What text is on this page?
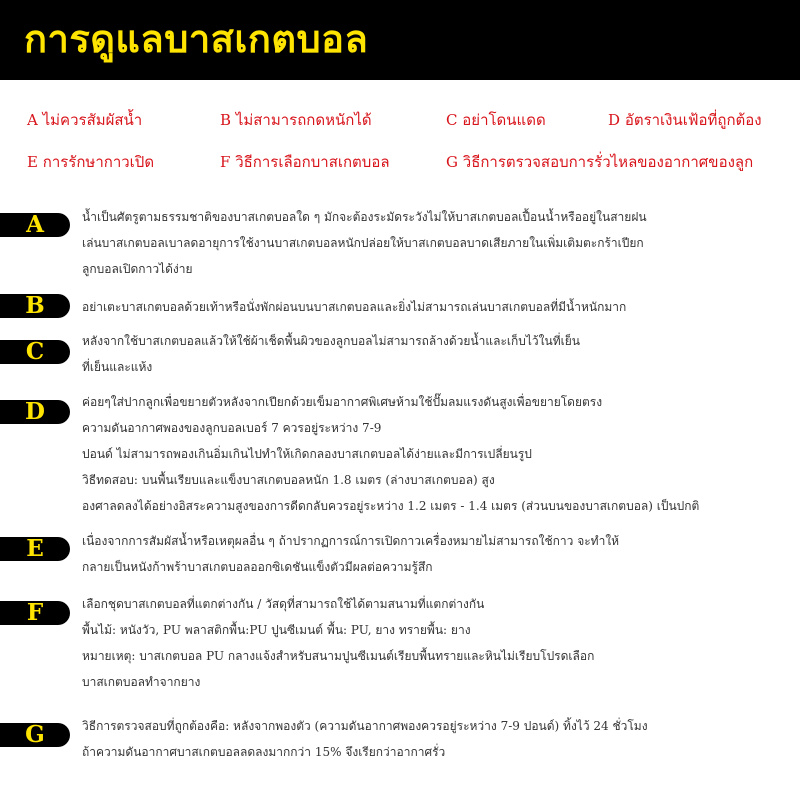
การดูแลบาสเกตบอล
A ไม่ควรสัมผัสน้ำ	B ไม่สามารถกดหนักได้	C อย่าโดนแดด	D อัตราเงินเฟ้อที่ถูกต้อง
E การรักษากาวเปิด	F วิธีการเลือกบาสเกตบอล	G วิธีการตรวจสอบการรั่วไหลของอากาศของลูก
A	น้ำเป็นศัตรูตามธรรมชาติของบาสเกตบอลใด ๆ มักจะต้องระมัดระวังไม่ให้บาสเกตบอลเปื้อนน้ำหรืออยู่ในสายฝน
เล่นบาสเกตบอลเบาลดอายุการใช้งานบาสเกตบอลหนักปล่อยให้บาสเกตบอลบาดเสียภายในเพิ่มเติมตะกร้าเปียก
ลูกบอลเปิดกาวได้ง่าย
B	อย่าเตะบาสเกตบอลด้วยเท้าหรือนั่งพักผ่อนบนบาสเกตบอลและยิ่งไม่สามารถเล่นบาสเกตบอลที่มีน้ำหนักมาก
C	หลังจากใช้บาสเกตบอลแล้วให้ใช้ผ้าเช็ดพื้นผิวของลูกบอลไม่สามารถล้างด้วยน้ำและเก็บไว้ในที่เย็น
ที่เย็นและแห้ง
D	ค่อยๆใส่ปากลูกเพื่อขยายตัวหลังจากเปียกด้วยเข็มอากาศพิเศษห้ามใช้ปั๊มลมแรงดันสูงเพื่อขยายโดยตรง
ความดันอากาศพองของลูกบอลเบอร์ 7 ควรอยู่ระหว่าง 7-9
ปอนด์ ไม่สามารถพองเกินอิ่มเกินไปทำให้เกิดกลองบาสเกตบอลได้ง่ายและมีการเปลี่ยนรูป
วิธีทดสอบ: บนพื้นเรียบและแข็งบาสเกตบอลหนัก 1.8 เมตร (ล่างบาสเกตบอล) สูง
องศาลดลงได้อย่างอิสระความสูงของการดีดกลับควรอยู่ระหว่าง 1.2 เมตร - 1.4 เมตร (ส่วนบนของบาสเกตบอล) เป็นปกติ
E	เนื่องจากการสัมผัสน้ำหรือเหตุผลอื่น ๆ ถ้าปรากฏการณ์การเปิดกาวเครื่องหมายไม่สามารถใช้กาว จะทำให้
กลายเป็นหนังก้าพร้าบาสเกตบอลออกซิเดชันแข็งตัวมีผลต่อความรู้สึก
F	เลือกชุดบาสเกตบอลที่แตกต่างกัน / วัสดุที่สามารถใช้ได้ตามสนามที่แตกต่างกัน
พื้นไม้: หนังวัว, PU พลาสติกพื้น:PU ปูนซีเมนต์ พื้น: PU, ยาง ทรายพื้น: ยาง
หมายเหตุ: บาสเกตบอล PU กลางแจ้งสำหรับสนามปูนซีเมนต์เรียบพื้นทรายและหินไม่เรียบโปรดเลือก
บาสเกตบอลทำจากยาง
G	วิธีการตรวจสอบที่ถูกต้องคือ: หลังจากพองตัว (ความดันอากาศพองควรอยู่ระหว่าง 7-9 ปอนด์) ทิ้งไว้ 24 ชั่วโมง
ถ้าความดันอากาศบาสเกตบอลลดลงมากกว่า 15% จึงเรียกว่าอากาศรั่ว
